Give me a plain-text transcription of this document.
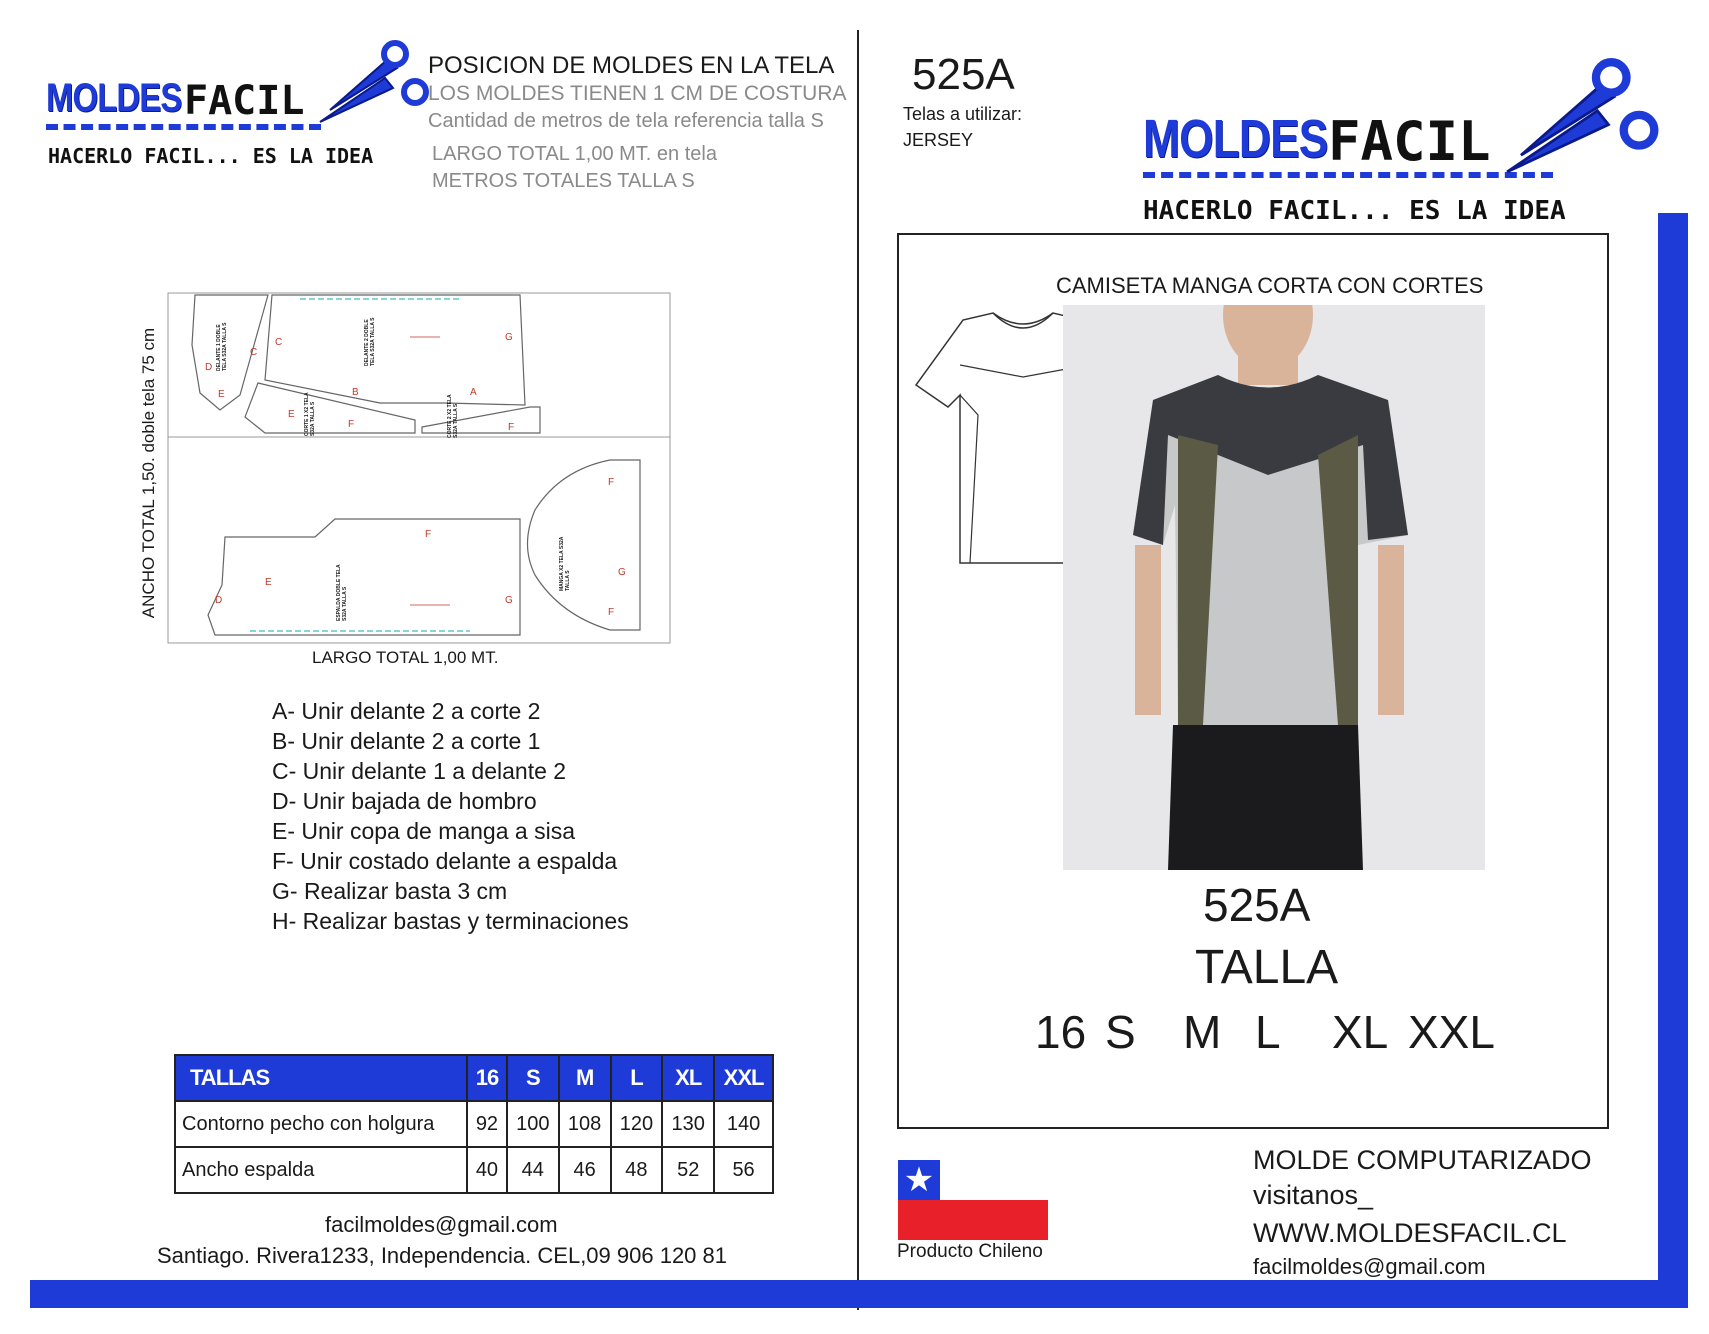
MOLDES FACIL
HACERLO FACIL... ES LA IDEA
POSICION DE MOLDES EN LA TELA
LOS MOLDES TIENEN 1 CM DE COSTURA
Cantidad de metros de tela referencia talla S
LARGO TOTAL 1,00 MT. en tela
METROS TOTALES TALLA S
D
C
E
C	G
B	A
E
F	F
D
E
F
G
F
G
F
DELANTE 1 DOBLE TELA S32A TALLA S	DELANTE 2 DOBLE TELA S32A TALLA S
CORTE 1 X2 TELA S32A TALLA S	CORTE 2 X2 TELA S32A TALLA S
ESPALDA DOBLE TELA S32A TALLA S
MANGA X2 TELA S32A TALLA S
ANCHO TOTAL 1,50. doble tela 75 cm
LARGO TOTAL 1,00 MT.
A- Unir delante 2 a corte 2
B- Unir delante 2 a corte 1
C- Unir delante 1 a delante 2
D- Unir bajada de hombro
E- Unir copa de manga a sisa
F- Unir costado delante a espalda
G- Realizar basta 3 cm
H- Realizar bastas y terminaciones
TALLAS	16	S	M	L	XL	XXL
Contorno pecho con holgura	92	100	108	120	130	140
Ancho espalda	40	44	46	48	52	56
facilmoldes@gmail.com
Santiago. Rivera1233, Independencia. CEL,09 906 120 81
525A
Telas a utilizar:
JERSEY	MOLDES FACIL
HACERLO FACIL... ES LA IDEA
CAMISETA MANGA CORTA CON CORTES
525A
TALLA
16 S M L XL XXL
★
Producto Chileno
MOLDE COMPUTARIZADO
visitanos_
WWW.MOLDESFACIL.CL
facilmoldes@gmail.com
